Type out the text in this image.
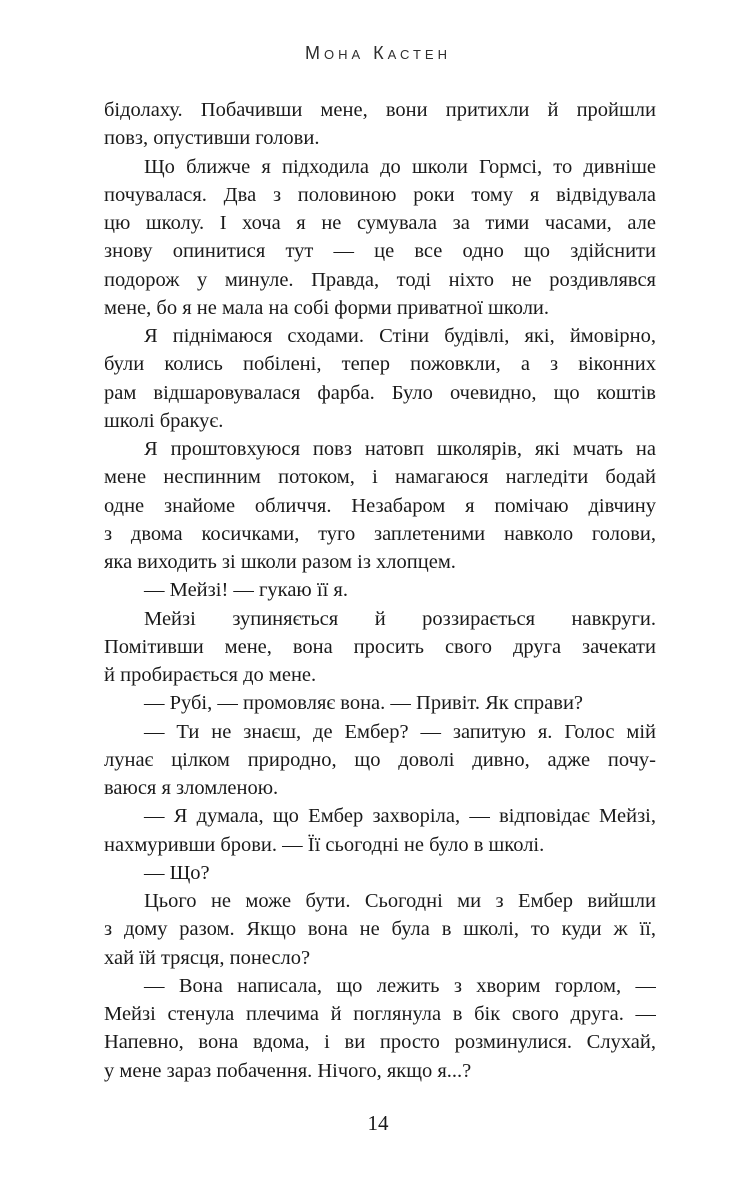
Мона Кастен
бідолаху. Побачивши мене, вони притихли й пройшли
повз, опустивши голови.
Що ближче я підходила до школи Гормсі, то дивніше
почувалася. Два з половиною роки тому я відвідувала
цю школу. І хоча я не сумувала за тими часами, але
знову опинитися тут — це все одно що здійснити
подорож у минуле. Правда, тоді ніхто не роздивлявся
мене, бо я не мала на собі форми приватної школи.
Я піднімаюся сходами. Стіни будівлі, які, ймовірно,
були колись побілені, тепер пожовкли, а з віконних
рам відшаровувалася фарба. Було очевидно, що коштів
школі бракує.
Я проштовхуюся повз натовп школярів, які мчать на
мене неспинним потоком, і намагаюся нагледіти бодай
одне знайоме обличчя. Незабаром я помічаю дівчину
з двома косичками, туго заплетеними навколо голови,
яка виходить зі школи разом із хлопцем.
— Мейзі! — гукаю її я.
Мейзі зупиняється й роззирається навкруги.
Помітивши мене, вона просить свого друга зачекати
й пробирається до мене.
— Рубі, — промовляє вона. — Привіт. Як справи?
— Ти не знаєш, де Ембер? — запитую я. Голос мій
лунає цілком природно, що доволі дивно, адже почу-
ваюся я зломленою.
— Я думала, що Ембер захворіла, — відповідає Мейзі,
нахмуривши брови. — Її сьогодні не було в школі.
— Що?
Цього не може бути. Сьогодні ми з Ембер вийшли
з дому разом. Якщо вона не була в школі, то куди ж її,
хай їй трясця, понесло?
— Вона написала, що лежить з хворим горлом, —
Мейзі стенула плечима й поглянула в бік свого друга. —
Напевно, вона вдома, і ви просто розминулися. Слухай,
у мене зараз побачення. Нічого, якщо я...?
14
